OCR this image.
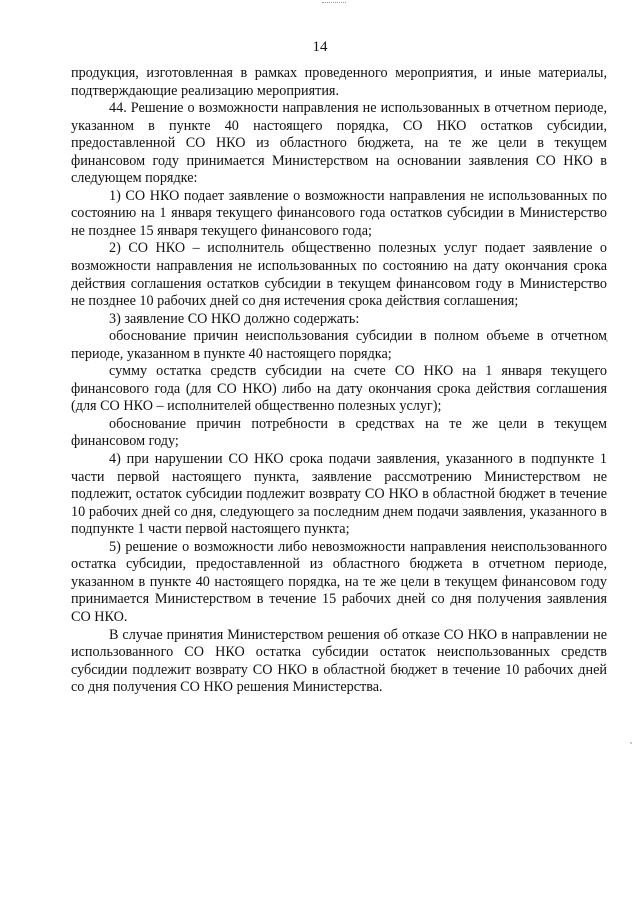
14

продукция, изготовленная в рамках проведенного мероприятия, и иные материалы, подтверждающие реализацию мероприятия.

44. Решение о возможности направления не использованных в отчетном периоде, указанном в пункте 40 настоящего порядка, СО НКО остатков субсидии, предоставленной СО НКО из областного бюджета, на те же цели в текущем финансовом году принимается Министерством на основании заявления СО НКО в следующем порядке:

1) СО НКО подает заявление о возможности направления не использованных по состоянию на 1 января текущего финансового года остатков субсидии в Министерство не позднее 15 января текущего финансового года;

2) СО НКО – исполнитель общественно полезных услуг подает заявление о возможности направления не использованных по состоянию на дату окончания срока действия соглашения остатков субсидии в текущем финансовом году в Министерство не позднее 10 рабочих дней со дня истечения срока действия соглашения;

3) заявление СО НКО должно содержать:

обоснование причин неиспользования субсидии в полном объеме в отчетном периоде, указанном в пункте 40 настоящего порядка;

сумму остатка средств субсидии на счете СО НКО на 1 января текущего финансового года (для СО НКО) либо на дату окончания срока действия соглашения (для СО НКО – исполнителей общественно полезных услуг);

обоснование причин потребности в средствах на те же цели в текущем финансовом году;

4) при нарушении СО НКО срока подачи заявления, указанного в подпункте 1 части первой настоящего пункта, заявление рассмотрению Министерством не подлежит, остаток субсидии подлежит возврату СО НКО в областной бюджет в течение 10 рабочих дней со дня, следующего за последним днем подачи заявления, указанного в подпункте 1 части первой настоящего пункта;

5) решение о возможности либо невозможности направления неиспользованного остатка субсидии, предоставленной из областного бюджета в отчетном периоде, указанном в пункте 40 настоящего порядка, на те же цели в текущем финансовом году принимается Министерством в течение 15 рабочих дней со дня получения заявления СО НКО.

В случае принятия Министерством решения об отказе СО НКО в направлении не использованного СО НКО остатка субсидии остаток неиспользованных средств субсидии подлежит возврату СО НКО в областной бюджет в течение 10 рабочих дней со дня получения СО НКО решения Министерства.
